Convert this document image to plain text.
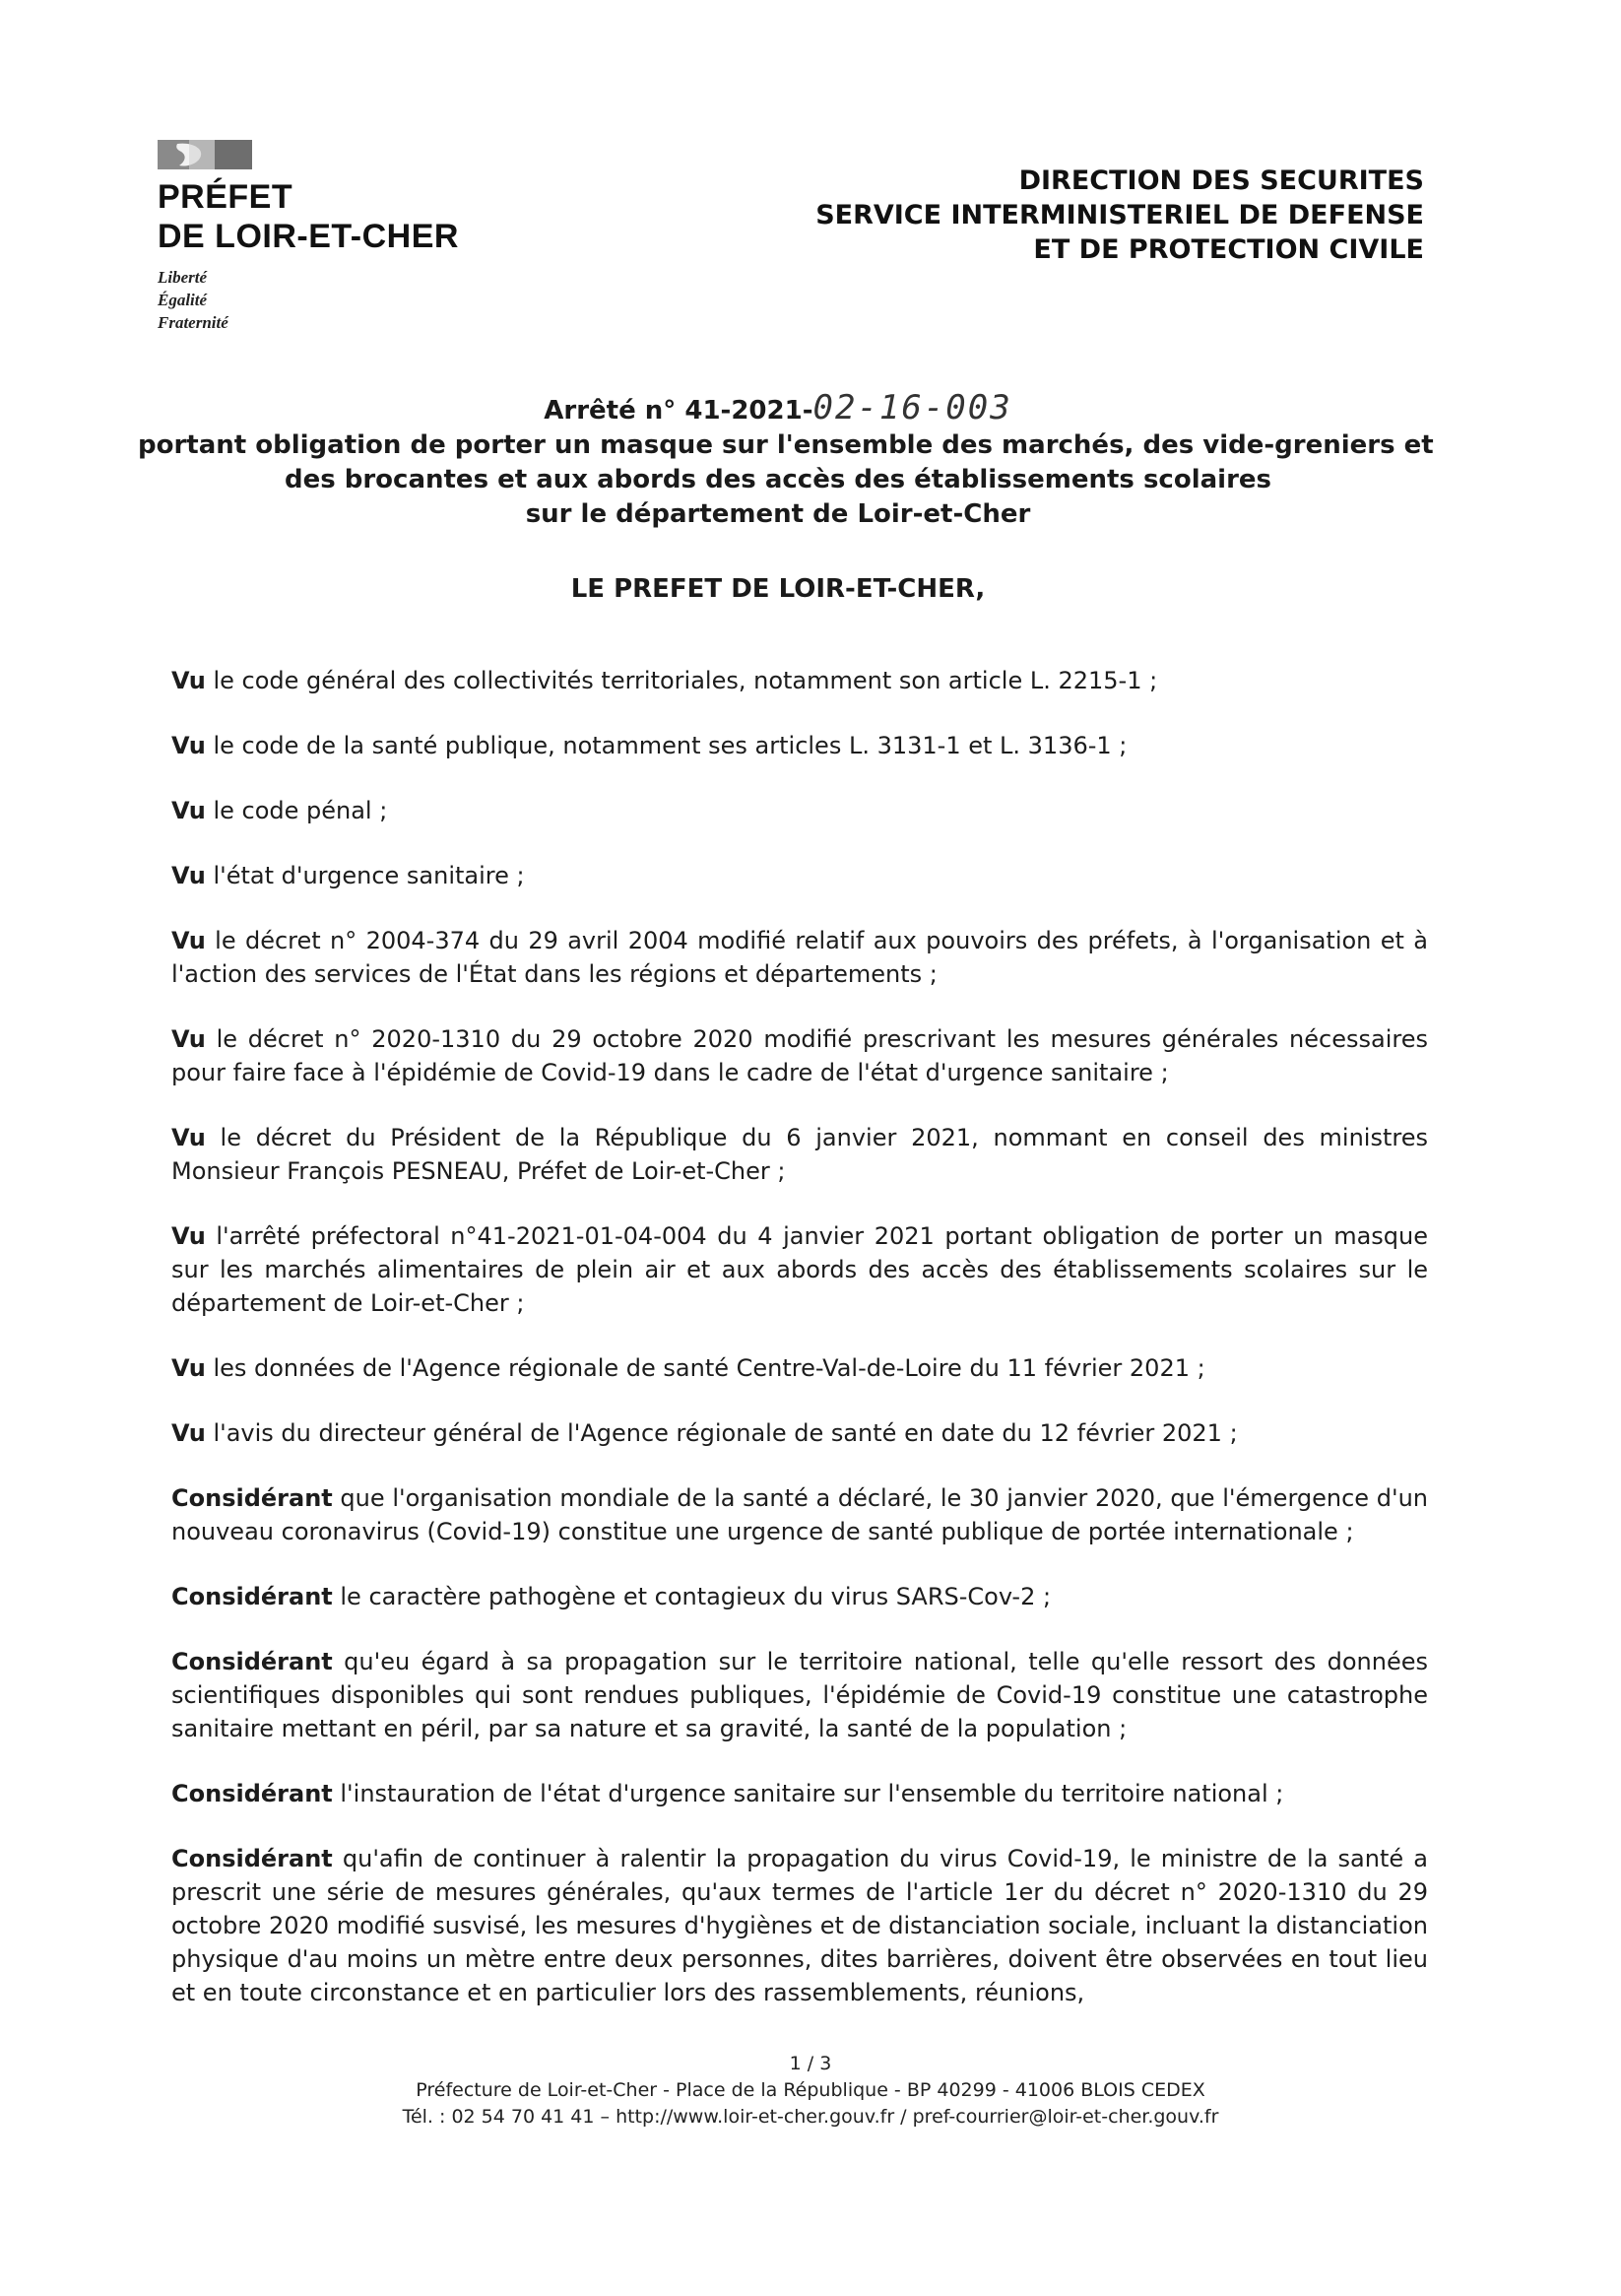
PRÉFET
DE LOIR-ET-CHER
Liberté
Égalité
Fraternité
DIRECTION DES SECURITES
SERVICE INTERMINISTERIEL DE DEFENSE
ET DE PROTECTION CIVILE
Arrêté n° 41-2021-02-16-003
portant obligation de porter un masque sur l'ensemble des marchés, des vide-greniers et
des brocantes et aux abords des accès des établissements scolaires
sur le département de Loir-et-Cher
LE PREFET DE LOIR-ET-CHER,

Vu le code général des collectivités territoriales, notamment son article L. 2215-1 ;

Vu le code de la santé publique, notamment ses articles L. 3131-1 et L. 3136-1 ;

Vu le code pénal ;

Vu l'état d'urgence sanitaire ;

Vu le décret n° 2004-374 du 29 avril 2004 modifié relatif aux pouvoirs des préfets, à l'organisation et à l'action des services de l'État dans les régions et départements ;

Vu le décret n° 2020-1310 du 29 octobre 2020 modifié prescrivant les mesures générales nécessaires pour faire face à l'épidémie de Covid-19 dans le cadre de l'état d'urgence sanitaire ;

Vu le décret du Président de la République du 6 janvier 2021, nommant en conseil des ministres Monsieur François PESNEAU, Préfet de Loir-et-Cher ;

Vu l'arrêté préfectoral n°41-2021-01-04-004 du 4 janvier 2021 portant obligation de porter un masque sur les marchés alimentaires de plein air et aux abords des accès des établissements scolaires sur le département de Loir-et-Cher ;

Vu les données de l'Agence régionale de santé Centre-Val-de-Loire du 11 février 2021 ;

Vu l'avis du directeur général de l'Agence régionale de santé en date du 12 février 2021 ;

Considérant que l'organisation mondiale de la santé a déclaré, le 30 janvier 2020, que l'émergence d'un nouveau coronavirus (Covid-19) constitue une urgence de santé publique de portée internationale ;

Considérant le caractère pathogène et contagieux du virus SARS-Cov-2 ;

Considérant qu'eu égard à sa propagation sur le territoire national, telle qu'elle ressort des données scientifiques disponibles qui sont rendues publiques, l'épidémie de Covid-19 constitue une catastrophe sanitaire mettant en péril, par sa nature et sa gravité, la santé de la population ;

Considérant l'instauration de l'état d'urgence sanitaire sur l'ensemble du territoire national ;

Considérant qu'afin de continuer à ralentir la propagation du virus Covid-19, le ministre de la santé a prescrit une série de mesures générales, qu'aux termes de l'article 1er du décret n° 2020-1310 du 29 octobre 2020 modifié susvisé, les mesures d'hygiènes et de distanciation sociale, incluant la distanciation physique d'au moins un mètre entre deux personnes, dites barrières, doivent être observées en tout lieu et en toute circonstance et en particulier lors des rassemblements, réunions,

1 / 3
Préfecture de Loir-et-Cher - Place de la République - BP 40299 - 41006 BLOIS CEDEX
Tél. : 02 54 70 41 41 – http://www.loir-et-cher.gouv.fr / pref-courrier@loir-et-cher.gouv.fr
